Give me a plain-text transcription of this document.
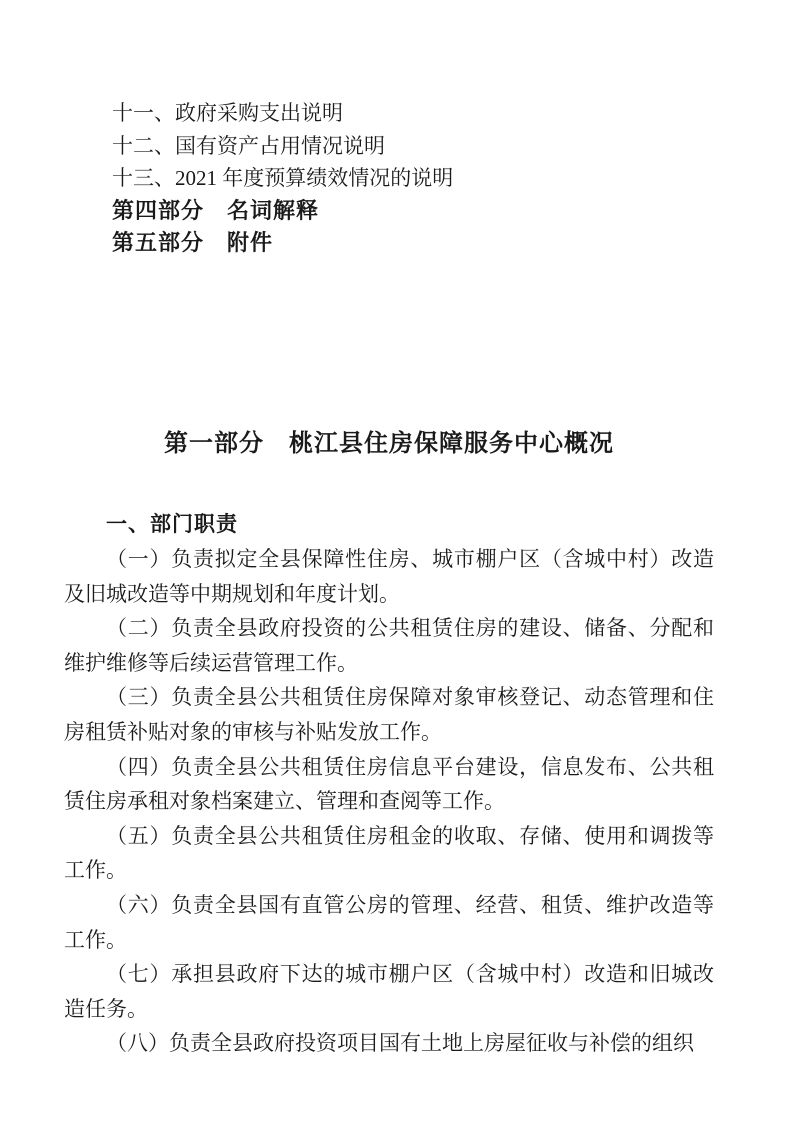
十一、政府采购支出说明
十二、国有资产占用情况说明
十三、2021 年度预算绩效情况的说明
第四部分　名词解释
第五部分　附件
第一部分　桃江县住房保障服务中心概况
一、部门职责

（一）负责拟定全县保障性住房、城市棚户区（含城中村）改造及旧城改造等中期规划和年度计划。

（二）负责全县政府投资的公共租赁住房的建设、储备、分配和维护维修等后续运营管理工作。

（三）负责全县公共租赁住房保障对象审核登记、动态管理和住房租赁补贴对象的审核与补贴发放工作。

（四）负责全县公共租赁住房信息平台建设，信息发布、公共租赁住房承租对象档案建立、管理和查阅等工作。

（五）负责全县公共租赁住房租金的收取、存储、使用和调拨等工作。

（六）负责全县国有直管公房的管理、经营、租赁、维护改造等工作。

（七）承担县政府下达的城市棚户区（含城中村）改造和旧城改造任务。

（八）负责全县政府投资项目国有土地上房屋征收与补偿的组织
